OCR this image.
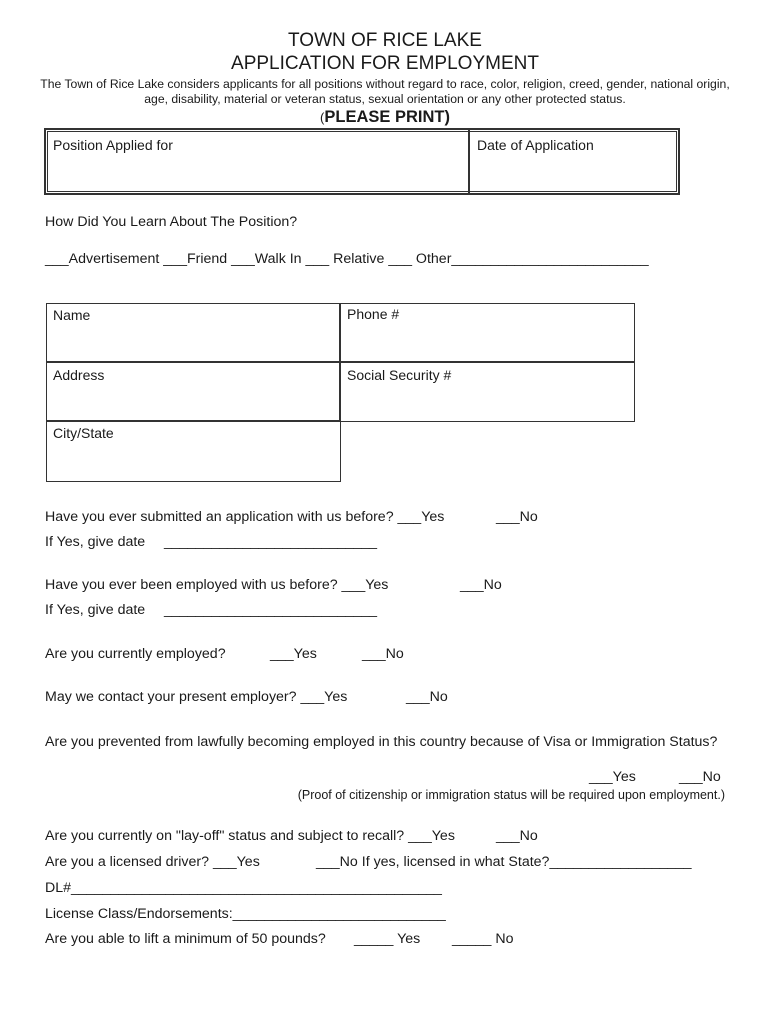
TOWN OF RICE LAKE
APPLICATION FOR EMPLOYMENT
The Town of Rice Lake considers applicants for all positions without regard to race, color, religion, creed, gender, national origin, age, disability, material or veteran status, sexual orientation or any other protected status.
(PLEASE PRINT)
Position Applied for	Date of Application
How Did You Learn About The Position?
___Advertisement ___Friend ___Walk In ___ Relative ___ Other_________________________
Name	Phone #
Address	Social Security #
City/State
Have you ever submitted an application with us before? ___Yes	___No
If Yes, give date ___________________________
Have you ever been employed with us before? ___Yes	___No
If Yes, give date ___________________________
Are you currently employed?	___Yes	___No
May we contact your present employer? ___Yes	___No
Are you prevented from lawfully becoming employed in this country because of Visa or Immigration Status?
___Yes	___No
(Proof of citizenship or immigration status will be required upon employment.)
Are you currently on "lay-off" status and subject to recall? ___Yes	___No
Are you a licensed driver? ___Yes	___No If yes, licensed in what State?__________________
DL#_______________________________________________
License Class/Endorsements:___________________________
Are you able to lift a minimum of 50 pounds? _____ Yes _____ No
